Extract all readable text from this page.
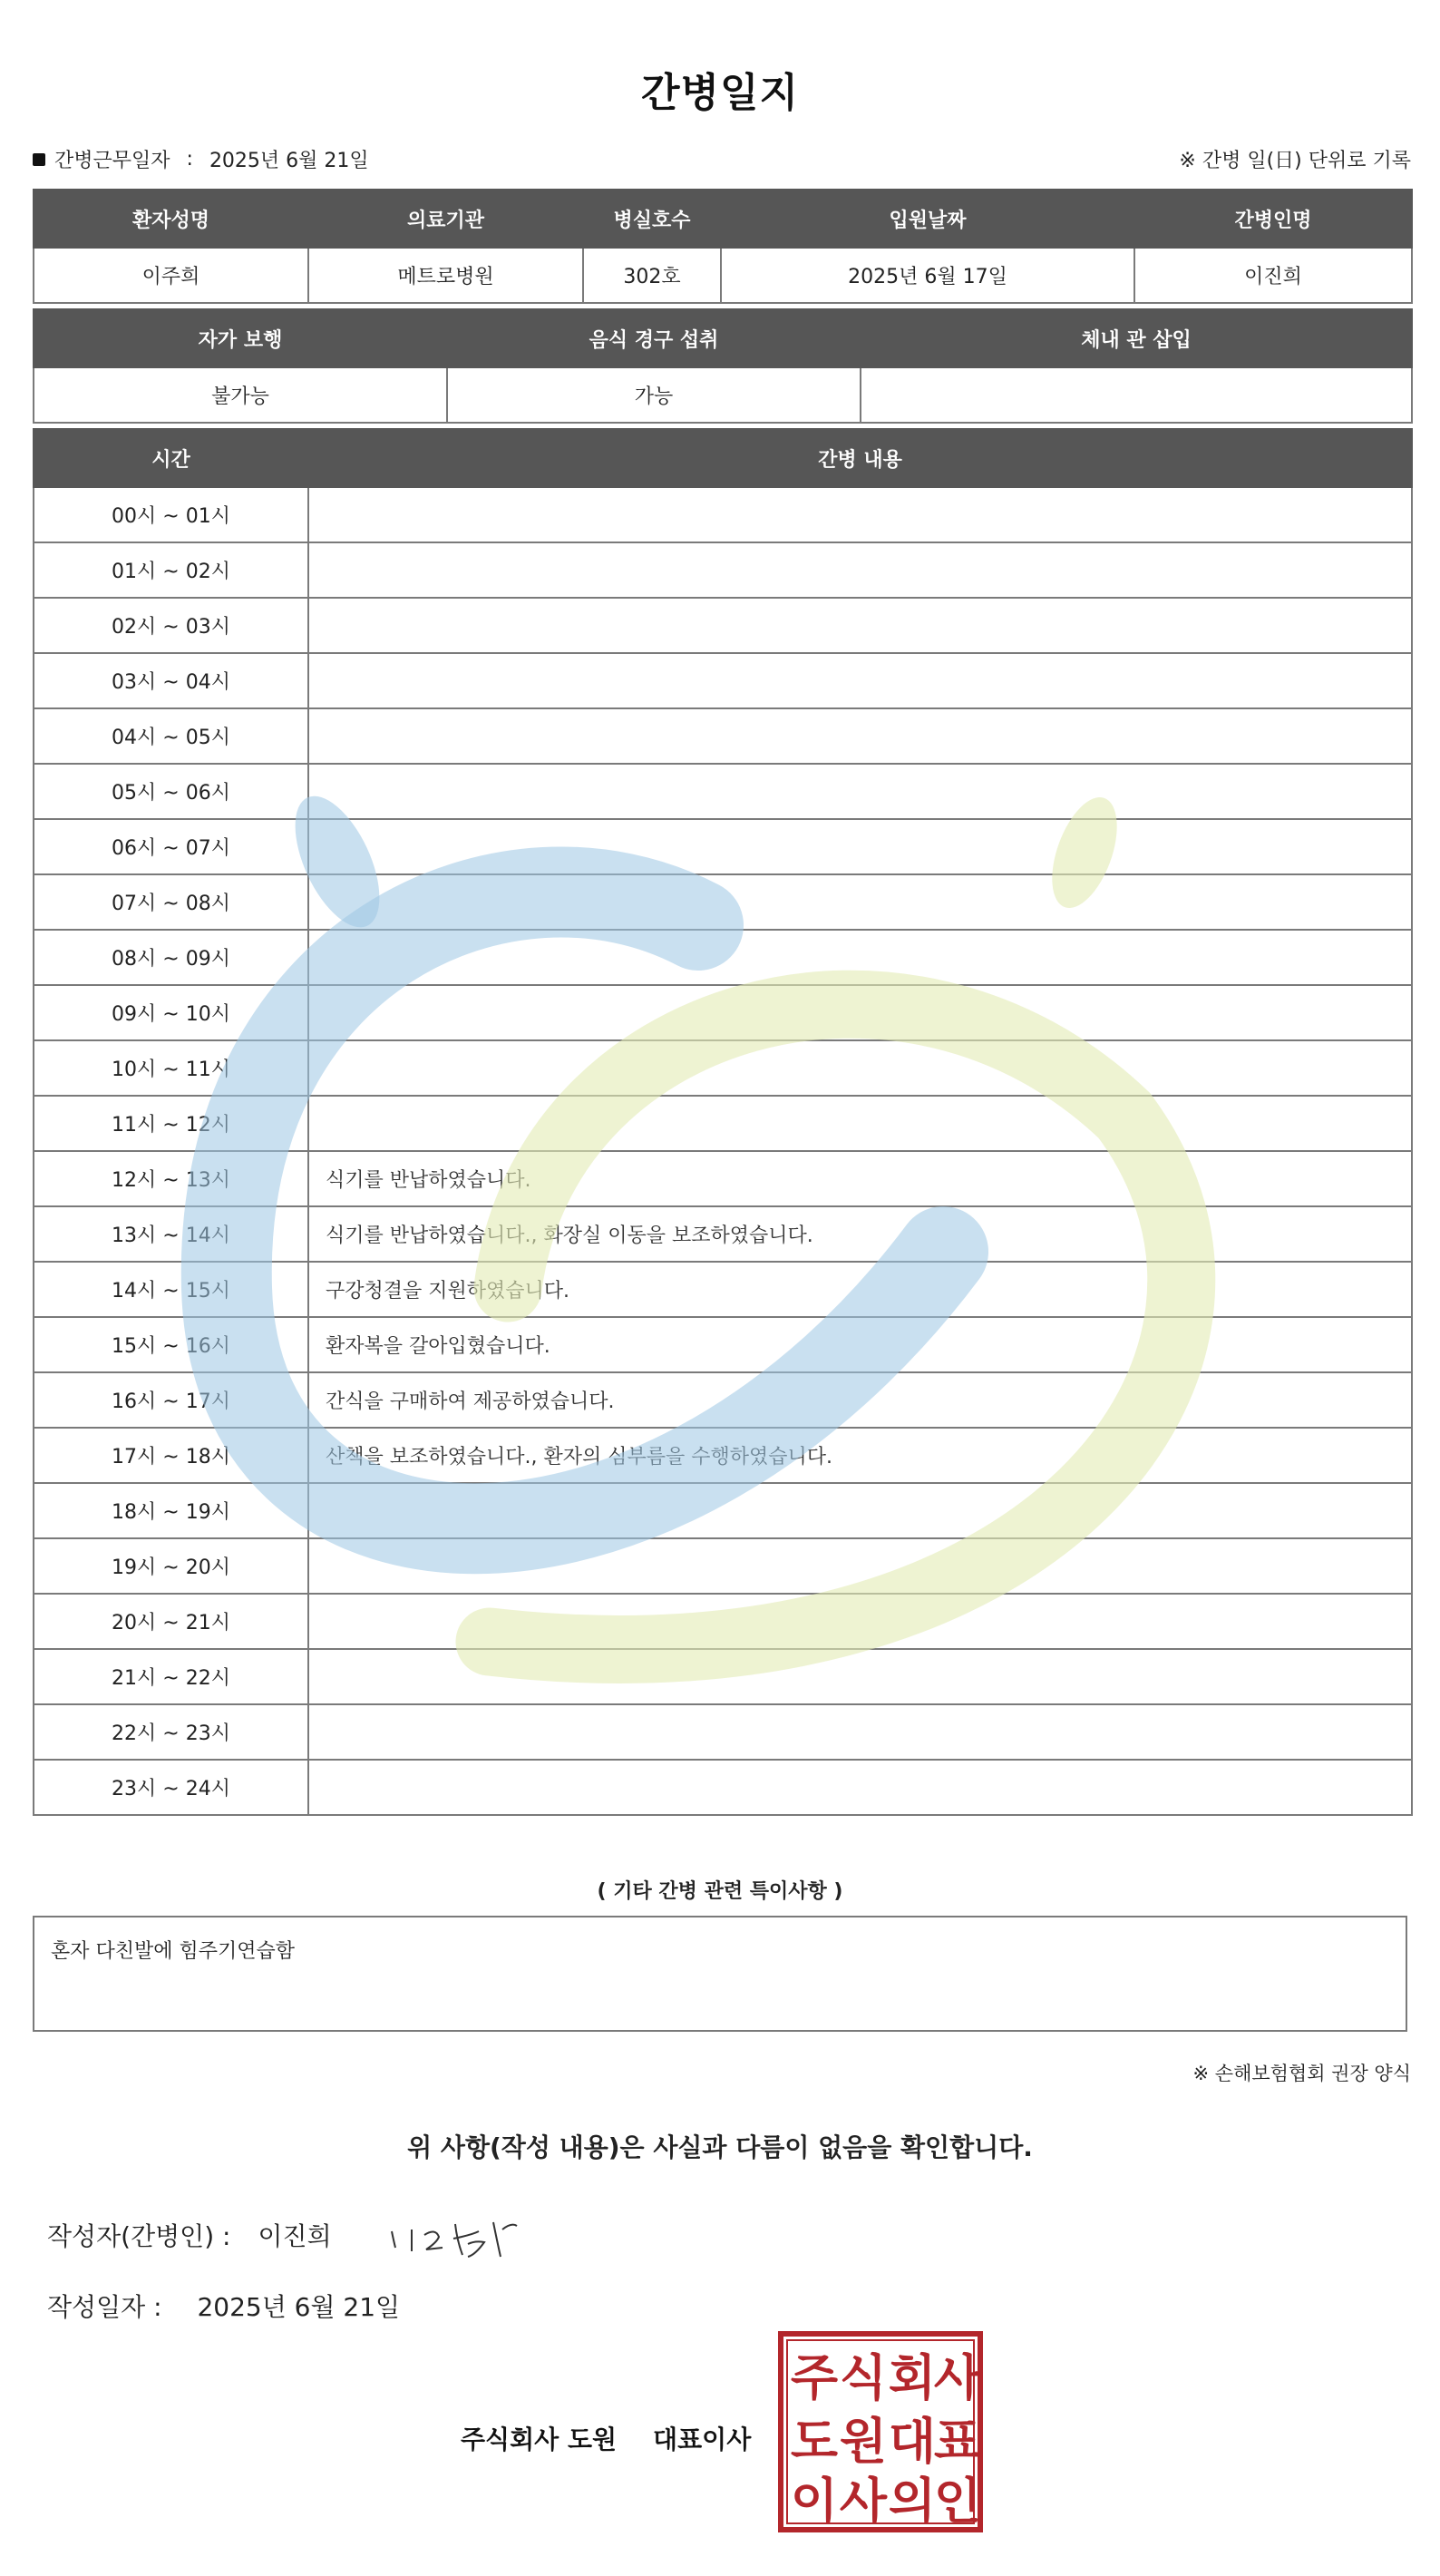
간병일지
간병근무일자 : 2025년 6월 21일	※ 간병 일(日) 단위로 기록
환자성명	의료기관	병실호수	입원날짜	간병인명
이주희	메트로병원	302호	2025년 6월 17일	이진희
자가 보행	음식 경구 섭취	체내 관 삽입
불가능	가능	
시간	간병 내용
00시 ~ 01시	
01시 ~ 02시	
02시 ~ 03시	
03시 ~ 04시	
04시 ~ 05시	
05시 ~ 06시	
06시 ~ 07시	
07시 ~ 08시	
08시 ~ 09시	
09시 ~ 10시	
10시 ~ 11시	
11시 ~ 12시	
12시 ~ 13시	식기를 반납하였습니다.
13시 ~ 14시	식기를 반납하였습니다., 화장실 이동을 보조하였습니다.
14시 ~ 15시	구강청결을 지원하였습니다.
15시 ~ 16시	환자복을 갈아입혔습니다.
16시 ~ 17시	간식을 구매하여 제공하였습니다.
17시 ~ 18시	산책을 보조하였습니다., 환자의 심부름을 수행하였습니다.
18시 ~ 19시	
19시 ~ 20시	
20시 ~ 21시	
21시 ~ 22시	
22시 ~ 23시	
23시 ~ 24시	
( 기타 간병 관련 특이사항 )
혼자 다친발에 힘주기연습함
※ 손해보험협회 권장 양식
위 사항(작성 내용)은 사실과 다름이 없음을 확인합니다.
작성자(간병인) : 이진희
작성일자 : 2025년 6월 21일
주식회사 도원 대표이사
주 식 회
사
도 원 대
표
이 사 의
인
